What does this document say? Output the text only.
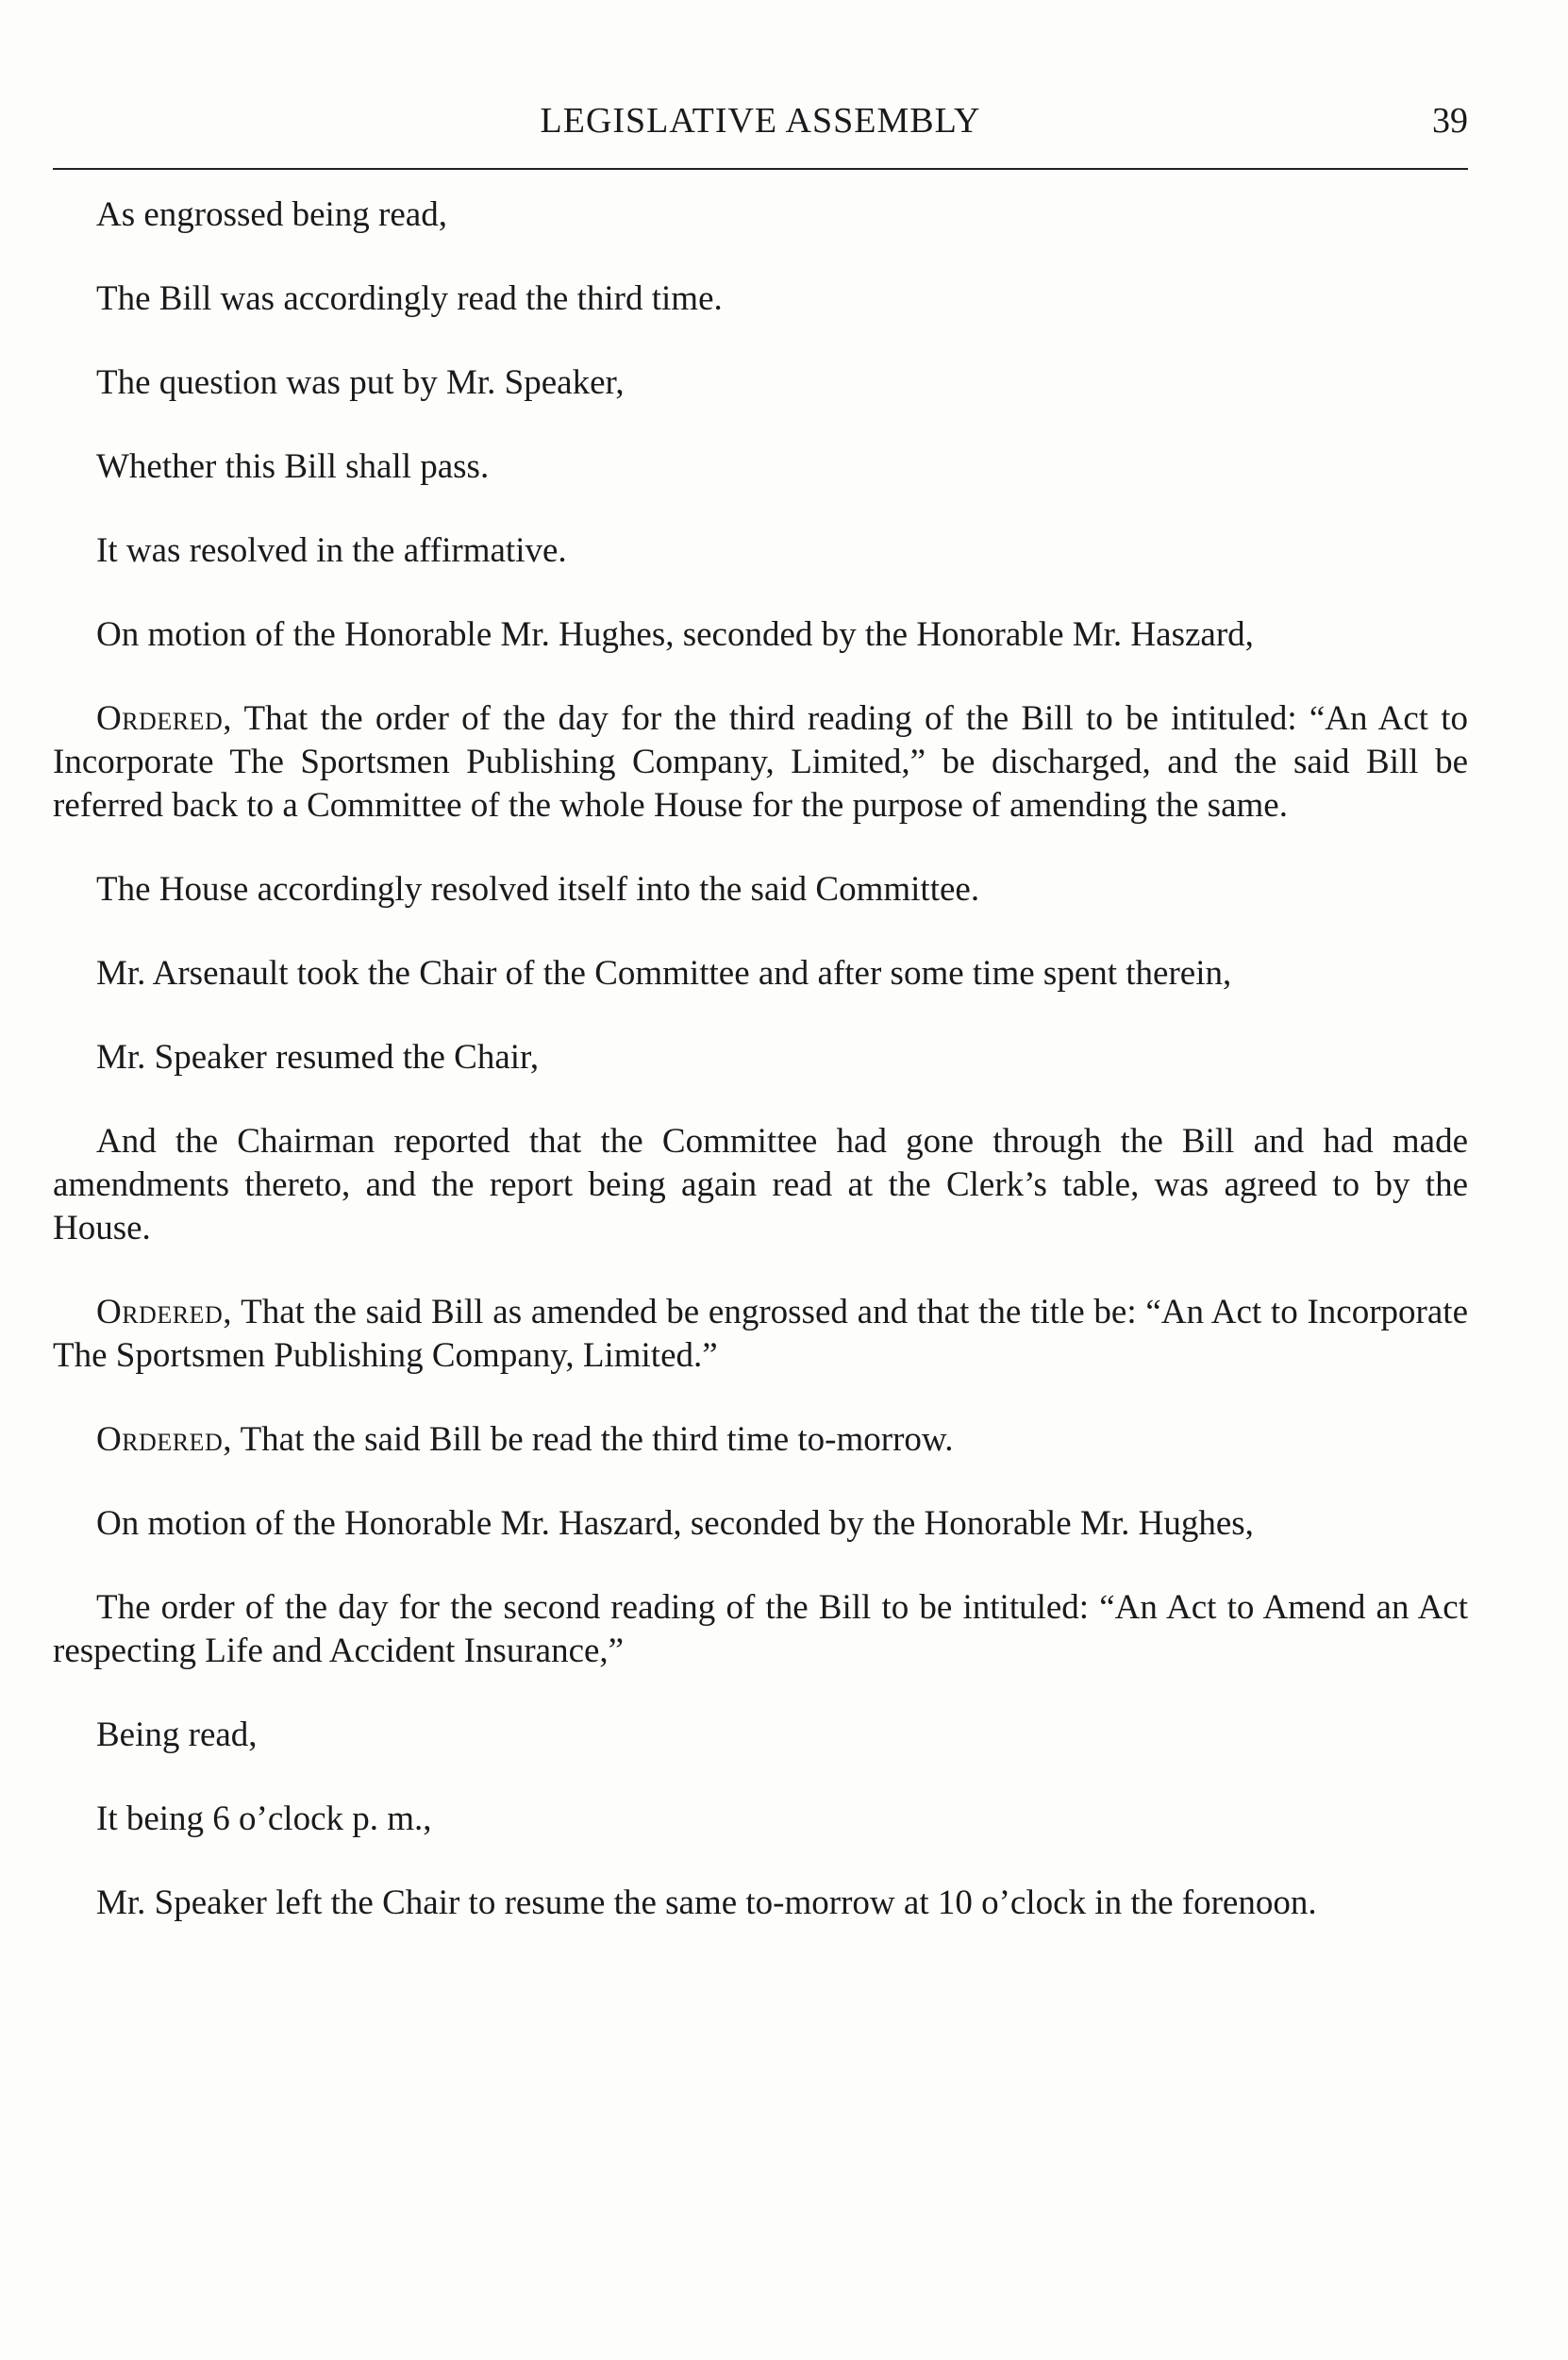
LEGISLATIVE ASSEMBLY	39

As engrossed being read,

The Bill was accordingly read the third time.

The question was put by Mr. Speaker,

Whether this Bill shall pass.

It was resolved in the affirmative.

On motion of the Honorable Mr. Hughes, seconded by the Honorable Mr. Haszard,

Ordered, That the order of the day for the third reading of the Bill to be intituled: “An Act to Incorporate The Sportsmen Publishing Company, Limited,” be discharged, and the said Bill be referred back to a Committee of the whole House for the purpose of amending the same.

The House accordingly resolved itself into the said Committee.

Mr. Arsenault took the Chair of the Committee and after some time spent therein,

Mr. Speaker resumed the Chair,

And the Chairman reported that the Committee had gone through the Bill and had made amendments thereto, and the report being again read at the Clerk’s table, was agreed to by the House.

Ordered, That the said Bill as amended be engrossed and that the title be: “An Act to Incorporate The Sportsmen Publishing Company, Limited.”

Ordered, That the said Bill be read the third time to-morrow.

On motion of the Honorable Mr. Haszard, seconded by the Honorable Mr. Hughes,

The order of the day for the second reading of the Bill to be intituled: “An Act to Amend an Act respecting Life and Accident Insurance,”

Being read,

It being 6 o’clock p. m.,

Mr. Speaker left the Chair to resume the same to-morrow at 10 o’clock in the forenoon.
